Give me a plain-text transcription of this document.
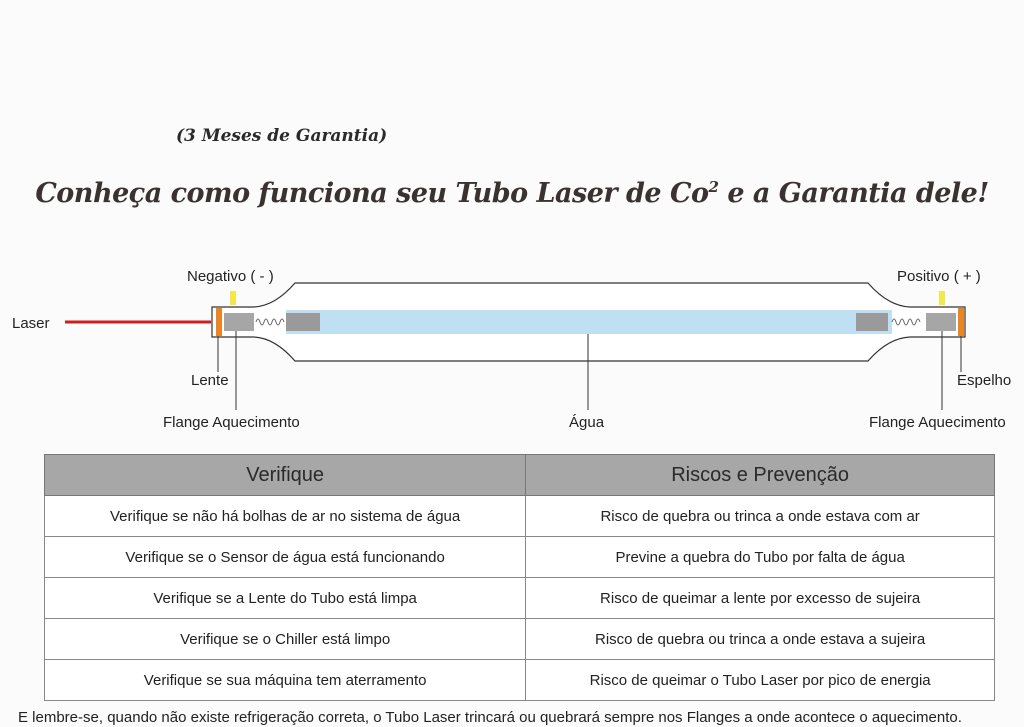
(3 Meses de Garantia)
Conheça como funciona seu Tubo Laser de Co$^2$ e a Garantia dele!
Laser
Negativo ( - )	Positivo ( + )
Lente	Espelho
Flange Aquecimento	Água	Flange Aquecimento
Verifique	Riscos e Prevenção
Verifique se não há bolhas de ar no sistema de água	Risco de quebra ou trinca a onde estava com ar
Verifique se o Sensor de água está funcionando	Previne a quebra do Tubo por falta de água
Verifique se a Lente do Tubo está limpa	Risco de queimar a lente por excesso de sujeira
Verifique se o Chiller está limpo	Risco de quebra ou trinca a onde estava a sujeira
Verifique se sua máquina tem aterramento	Risco de queimar o Tubo Laser por pico de energia
E lembre-se, quando não existe refrigeração correta, o Tubo Laser trincará ou quebrará sempre nos Flanges a onde acontece o aquecimento.
